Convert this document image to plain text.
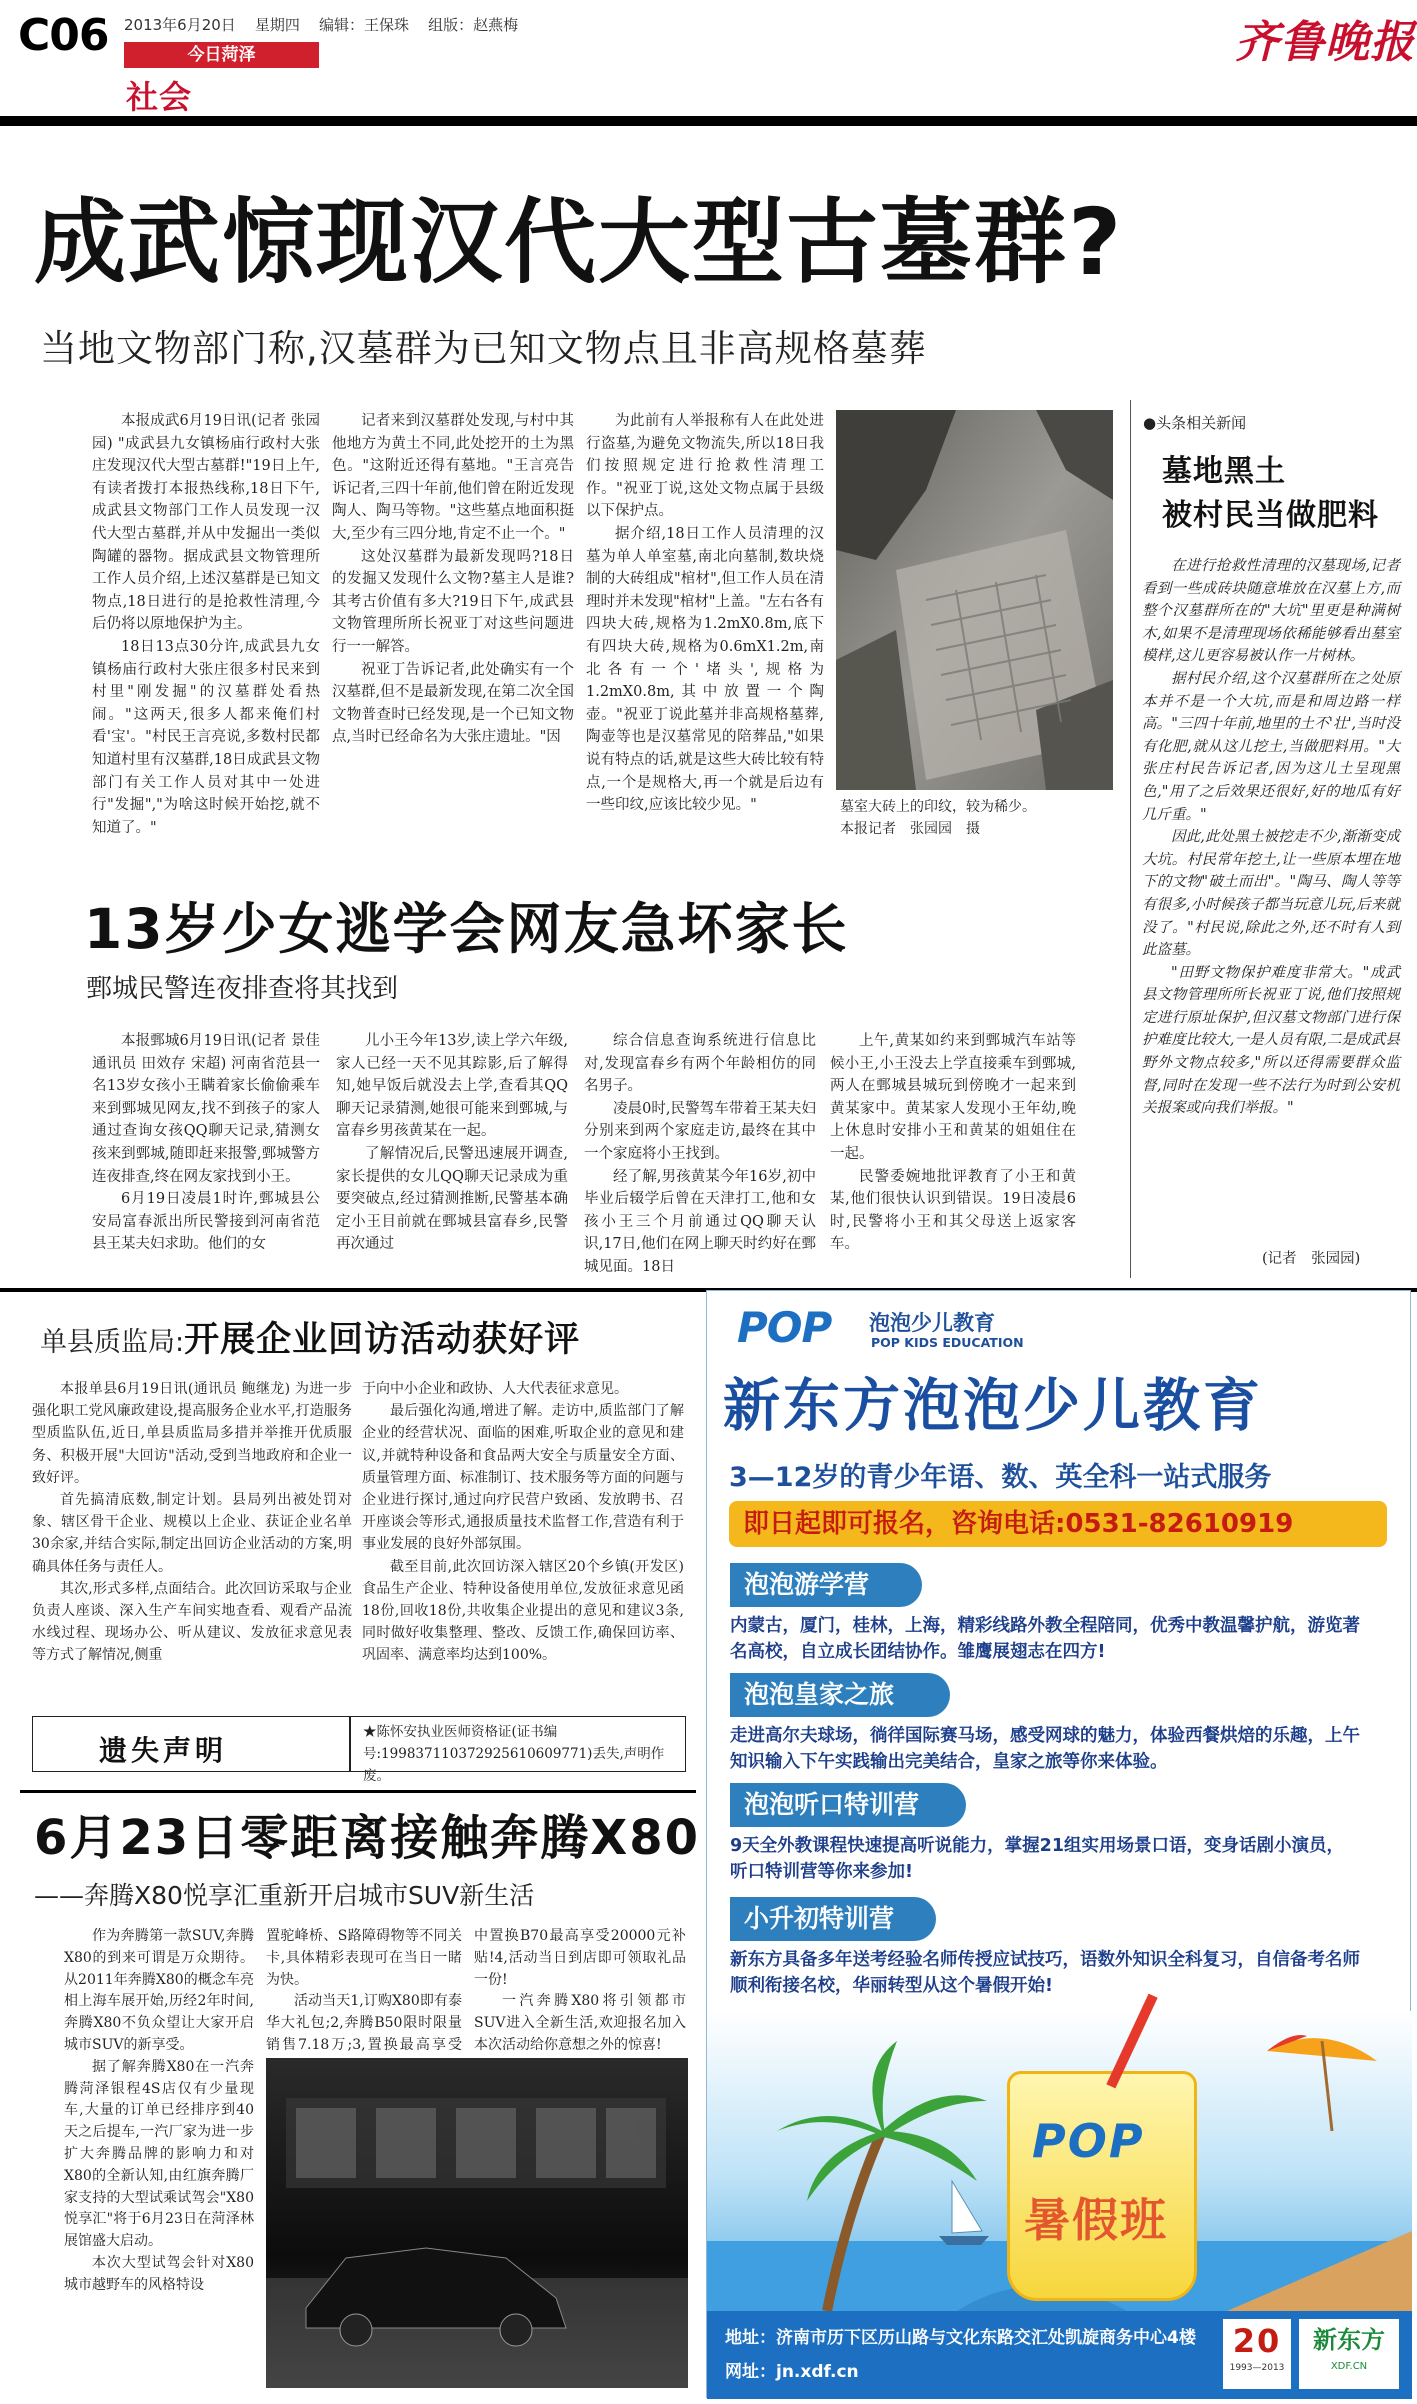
C06 2013年6月20日 星期四 编辑：王保珠 组版：赵燕梅
今日菏泽
社会
齐鲁晚报
成武惊现汉代大型古墓群?
当地文物部门称,汉墓群为已知文物点且非高规格墓葬

本报成武6月19日讯(记者 张园园) "成武县九女镇杨庙行政村大张庄发现汉代大型古墓群!"19日上午,有读者拨打本报热线称,18日下午,成武县文物部门工作人员发现一汉代大型古墓群,并从中发掘出一类似陶罐的器物。据成武县文物管理所工作人员介绍,上述汉墓群是已知文物点,18日进行的是抢救性清理,今后仍将以原地保护为主。

18日13点30分许,成武县九女镇杨庙行政村大张庄很多村民来到村里"刚发掘"的汉墓群处看热闹。"这两天,很多人都来俺们村看'宝'。"村民王言亮说,多数村民都知道村里有汉墓群,18日成武县文物部门有关工作人员对其中一处进行"发掘","为啥这时候开始挖,就不知道了。"

记者来到汉墓群处发现,与村中其他地方为黄土不同,此处挖开的土为黑色。"这附近还得有墓地。"王言亮告诉记者,三四十年前,他们曾在附近发现陶人、陶马等物。"这些墓点地面积挺大,至少有三四分地,肯定不止一个。"

这处汉墓群为最新发现吗?18日的发掘又发现什么文物?墓主人是谁?其考古价值有多大?19日下午,成武县文物管理所所长祝亚丁对这些问题进行一一解答。

祝亚丁告诉记者,此处确实有一个汉墓群,但不是最新发现,在第二次全国文物普查时已经发现,是一个已知文物点,当时已经命名为大张庄遗址。"因

为此前有人举报称有人在此处进行盗墓,为避免文物流失,所以18日我们按照规定进行抢救性清理工作。"祝亚丁说,这处文物点属于县级以下保护点。

据介绍,18日工作人员清理的汉墓为单人单室墓,南北向墓制,数块烧制的大砖组成"棺材",但工作人员在清理时并未发现"棺材"上盖。"左右各有四块大砖,规格为1.2mX0.8m,底下有四块大砖,规格为0.6mX1.2m,南北各有一个'堵头',规格为1.2mX0.8m,其中放置一个陶壶。"祝亚丁说此墓并非高规格墓葬,陶壶等也是汉墓常见的陪葬品,"如果说有特点的话,就是这些大砖比较有特点,一个是规格大,再一个就是后边有一些印纹,应该比较少见。"	墓室大砖上的印纹，较为稀少。
本报记者　张园园　摄
●头条相关新闻
墓地黑土
被村民当做肥料

在进行抢救性清理的汉墓现场,记者看到一些成砖块随意堆放在汉墓上方,而整个汉墓群所在的"大坑"里更是种满树木,如果不是清理现场依稀能够看出墓室模样,这儿更容易被认作一片树林。

据村民介绍,这个汉墓群所在之处原本并不是一个大坑,而是和周边路一样高。"三四十年前,地里的土不'壮',当时没有化肥,就从这儿挖土,当做肥料用。"大张庄村民告诉记者,因为这儿土呈现黑色,"用了之后效果还很好,好的地瓜有好几斤重。"

因此,此处黑土被挖走不少,渐渐变成大坑。村民常年挖土,让一些原本埋在地下的文物"破土而出"。"陶马、陶人等等有很多,小时候孩子都当玩意儿玩,后来就没了。"村民说,除此之外,还不时有人到此盗墓。

"田野文物保护难度非常大。"成武县文物管理所所长祝亚丁说,他们按照规定进行原址保护,但汉墓文物部门进行保护难度比较大,一是人员有限,二是成武县野外文物点较多,"所以还得需要群众监督,同时在发现一些不法行为时到公安机关报案或向我们举报。"

(记者　张园园)
13岁少女逃学会网友急坏家长
鄄城民警连夜排查将其找到

本报鄄城6月19日讯(记者 景佳 通讯员 田效存 宋超) 河南省范县一名13岁女孩小王瞒着家长偷偷乘车来到鄄城见网友,找不到孩子的家人通过查询女孩QQ聊天记录,猜测女孩来到鄄城,随即赶来报警,鄄城警方连夜排查,终在网友家找到小王。

6月19日凌晨1时许,鄄城县公安局富春派出所民警接到河南省范县王某夫妇求助。他们的女

儿小王今年13岁,读上学六年级,家人已经一天不见其踪影,后了解得知,她早饭后就没去上学,查看其QQ聊天记录猜测,她很可能来到鄄城,与富春乡男孩黄某在一起。

了解情况后,民警迅速展开调查,家长提供的女儿QQ聊天记录成为重要突破点,经过猜测推断,民警基本确定小王目前就在鄄城县富春乡,民警再次通过

综合信息查询系统进行信息比对,发现富春乡有两个年龄相仿的同名男子。

凌晨0时,民警驾车带着王某夫妇分别来到两个家庭走访,最终在其中一个家庭将小王找到。

经了解,男孩黄某今年16岁,初中毕业后辍学后曾在天津打工,他和女孩小王三个月前通过QQ聊天认识,17日,他们在网上聊天时约好在鄄城见面。18日

上午,黄某如约来到鄄城汽车站等候小王,小王没去上学直接乘车到鄄城,两人在鄄城县城玩到傍晚才一起来到黄某家中。黄某家人发现小王年幼,晚上休息时安排小王和黄某的姐姐住在一起。

民警委婉地批评教育了小王和黄某,他们很快认识到错误。19日凌晨6时,民警将小王和其父母送上返家客车。

单县质监局:开展企业回访活动获好评

本报单县6月19日讯(通讯员 鲍继龙) 为进一步强化职工党风廉政建设,提高服务企业水平,打造服务型质监队伍,近日,单县质监局多措并举推开优质服务、积极开展"大回访"活动,受到当地政府和企业一致好评。

首先搞清底数,制定计划。县局列出被处罚对象、辖区骨干企业、规模以上企业、获证企业名单30余家,并结合实际,制定出回访企业活动的方案,明确具体任务与责任人。

其次,形式多样,点面结合。此次回访采取与企业负责人座谈、深入生产车间实地查看、观看产品流水线过程、现场办公、听从建议、发放征求意见表等方式了解情况,侧重

于向中小企业和政协、人大代表征求意见。

最后强化沟通,增进了解。走访中,质监部门了解企业的经营状况、面临的困难,听取企业的意见和建议,并就特种设备和食品两大安全与质量安全方面、质量管理方面、标准制订、技术服务等方面的问题与企业进行探讨,通过向疗民营户致函、发放聘书、召开座谈会等形式,通报质量技术监督工作,营造有利于事业发展的良好外部氛围。

截至目前,此次回访深入辖区20个乡镇(开发区)食品生产企业、特种设备使用单位,发放征求意见函18份,回收18份,共收集企业提出的意见和建议3条,同时做好收集整理、整改、反馈工作,确保回访率、巩固率、满意率均达到100%。

遗失声明
★陈怀安执业医师资格证(证书编号:199837110372925610609771)丢失,声明作废。
6月23日零距离接触奔腾X80
——奔腾X80悦享汇重新开启城市SUV新生活

作为奔腾第一款SUV,奔腾X80的到来可谓是万众期待。从2011年奔腾X80的概念车亮相上海车展开始,历经2年时间,奔腾X80不负众望让大家开启城市SUV的新享受。

据了解奔腾X80在一汽奔腾菏泽银程4S店仅有少量现车,大量的订单已经排序到40天之后提车,一汽厂家为进一步扩大奔腾品牌的影响力和对X80的全新认知,由红旗奔腾厂家支持的大型试乘试驾会"X80悦享汇"将于6月23日在菏泽林展馆盛大启动。

本次大型试驾会针对X80城市越野车的风格特设

置驼峰桥、S路障碍物等不同关卡,具体精彩表现可在当日一睹为快。

活动当天1,订购X80即有泰华大礼包;2,奔腾B50限时限量销售7.18万;3,置换最高享受

中置换B70最高享受20000元补贴!4,活动当日到店即可领取礼品一份!

一汽奔腾X80将引领都市SUV进入全新生活,欢迎报名加入本次活动给你意想之外的惊喜!

POP 泡泡少儿教育
POP KIDS EDUCATION
新东方泡泡少儿教育
3—12岁的青少年语、数、英全科一站式服务
即日起即可报名，咨询电话:0531-82610919
泡泡游学营
内蒙古，厦门，桂林，上海，精彩线路外教全程陪同，优秀中教温馨护航，游览著名高校，自立成长团结协作。雏鹰展翅志在四方!
泡泡皇家之旅
走进高尔夫球场，徜徉国际赛马场，感受网球的魅力，体验西餐烘焙的乐趣，上午知识输入下午实践输出完美结合，皇家之旅等你来体验。
泡泡听口特训营
9天全外教课程快速提高听说能力，掌握21组实用场景口语，变身话剧小演员，听口特训营等你来参加!
小升初特训营
新东方具备多年送考经验名师传授应试技巧，语数外知识全科复习，自信备考名师顺利衔接名校，华丽转型从这个暑假开始!
POP
暑假班
地址：济南市历下区历山路与文化东路交汇处凯旋商务中心4楼
网址：jn.xdf.cn
20
1993—2013
新东方
XDF.CN
